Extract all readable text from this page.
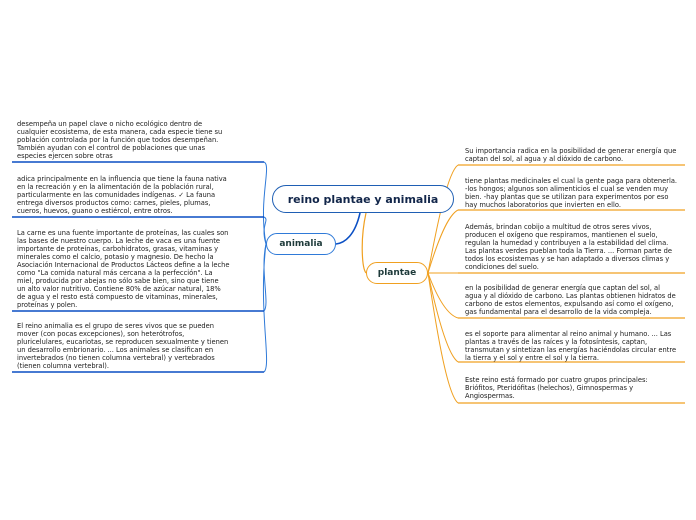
reino plantae y animalia
animalia
plantae
desempeña un papel clave o nicho ecológico dentro de
cualquier ecosistema, de esta manera, cada especie tiene su
población controlada por la función que todos desempeñan.
También ayudan con el control de poblaciones que unas
especies ejercen sobre otras
adica principalmente en la influencia que tiene la fauna nativa
en la recreación y en la alimentación de la población rural,
particularmente en las comunidades indígenas. ✓ La fauna
entrega diversos productos como: carnes, pieles, plumas,
cueros, huevos, guano o estiércol, entre otros.
La carne es una fuente importante de proteínas, las cuales son
las bases de nuestro cuerpo. La leche de vaca es una fuente
importante de proteínas, carbohidratos, grasas, vitaminas y
minerales como el calcio, potasio y magnesio. De hecho la
Asociación Internacional de Productos Lácteos define a la leche
como "La comida natural más cercana a la perfección". La
miel, producida por abejas no sólo sabe bien, sino que tiene
un alto valor nutritivo. Contiene 80% de azúcar natural, 18%
de agua y el resto está compuesto de vitaminas, minerales,
proteínas y polen.
El reino animalia es el grupo de seres vivos que se pueden
mover (con pocas excepciones), son heterótrofos,
pluricelulares, eucariotas, se reproducen sexualmente y tienen
un desarrollo embrionario. ... Los animales se clasifican en
invertebrados (no tienen columna vertebral) y vertebrados
(tienen columna vertebral).
Su importancia radica en la posibilidad de generar energía que
captan del sol, al agua y al dióxido de carbono.
tiene plantas medicinales el cual la gente paga para obtenerla.
-los hongos; algunos son alimenticios el cual se venden muy
bien. -hay plantas que se utilizan para experimentos por eso
hay muchos laboratorios que invierten en ello.
Además, brindan cobijo a multitud de otros seres vivos,
producen el oxígeno que respiramos, mantienen el suelo,
regulan la humedad y contribuyen a la estabilidad del clima.
Las plantas verdes pueblan toda la Tierra. ... Forman parte de
todos los ecosistemas y se han adaptado a diversos climas y
condiciones del suelo.
en la posibilidad de generar energía que captan del sol, al
agua y al dióxido de carbono. Las plantas obtienen hidratos de
carbono de estos elementos, expulsando así como el oxígeno,
gas fundamental para el desarrollo de la vida compleja.
es el soporte para alimentar al reino animal y humano. ... Las
plantas a través de las raíces y la fotosíntesis, captan,
transmutan y sintetizan las energías haciéndolas circular entre
la tierra y el sol y entre el sol y la tierra.
Este reino está formado por cuatro grupos principales:
Briófitos, Pteridófitas (helechos), Gimnospermas y
Angiospermas.
